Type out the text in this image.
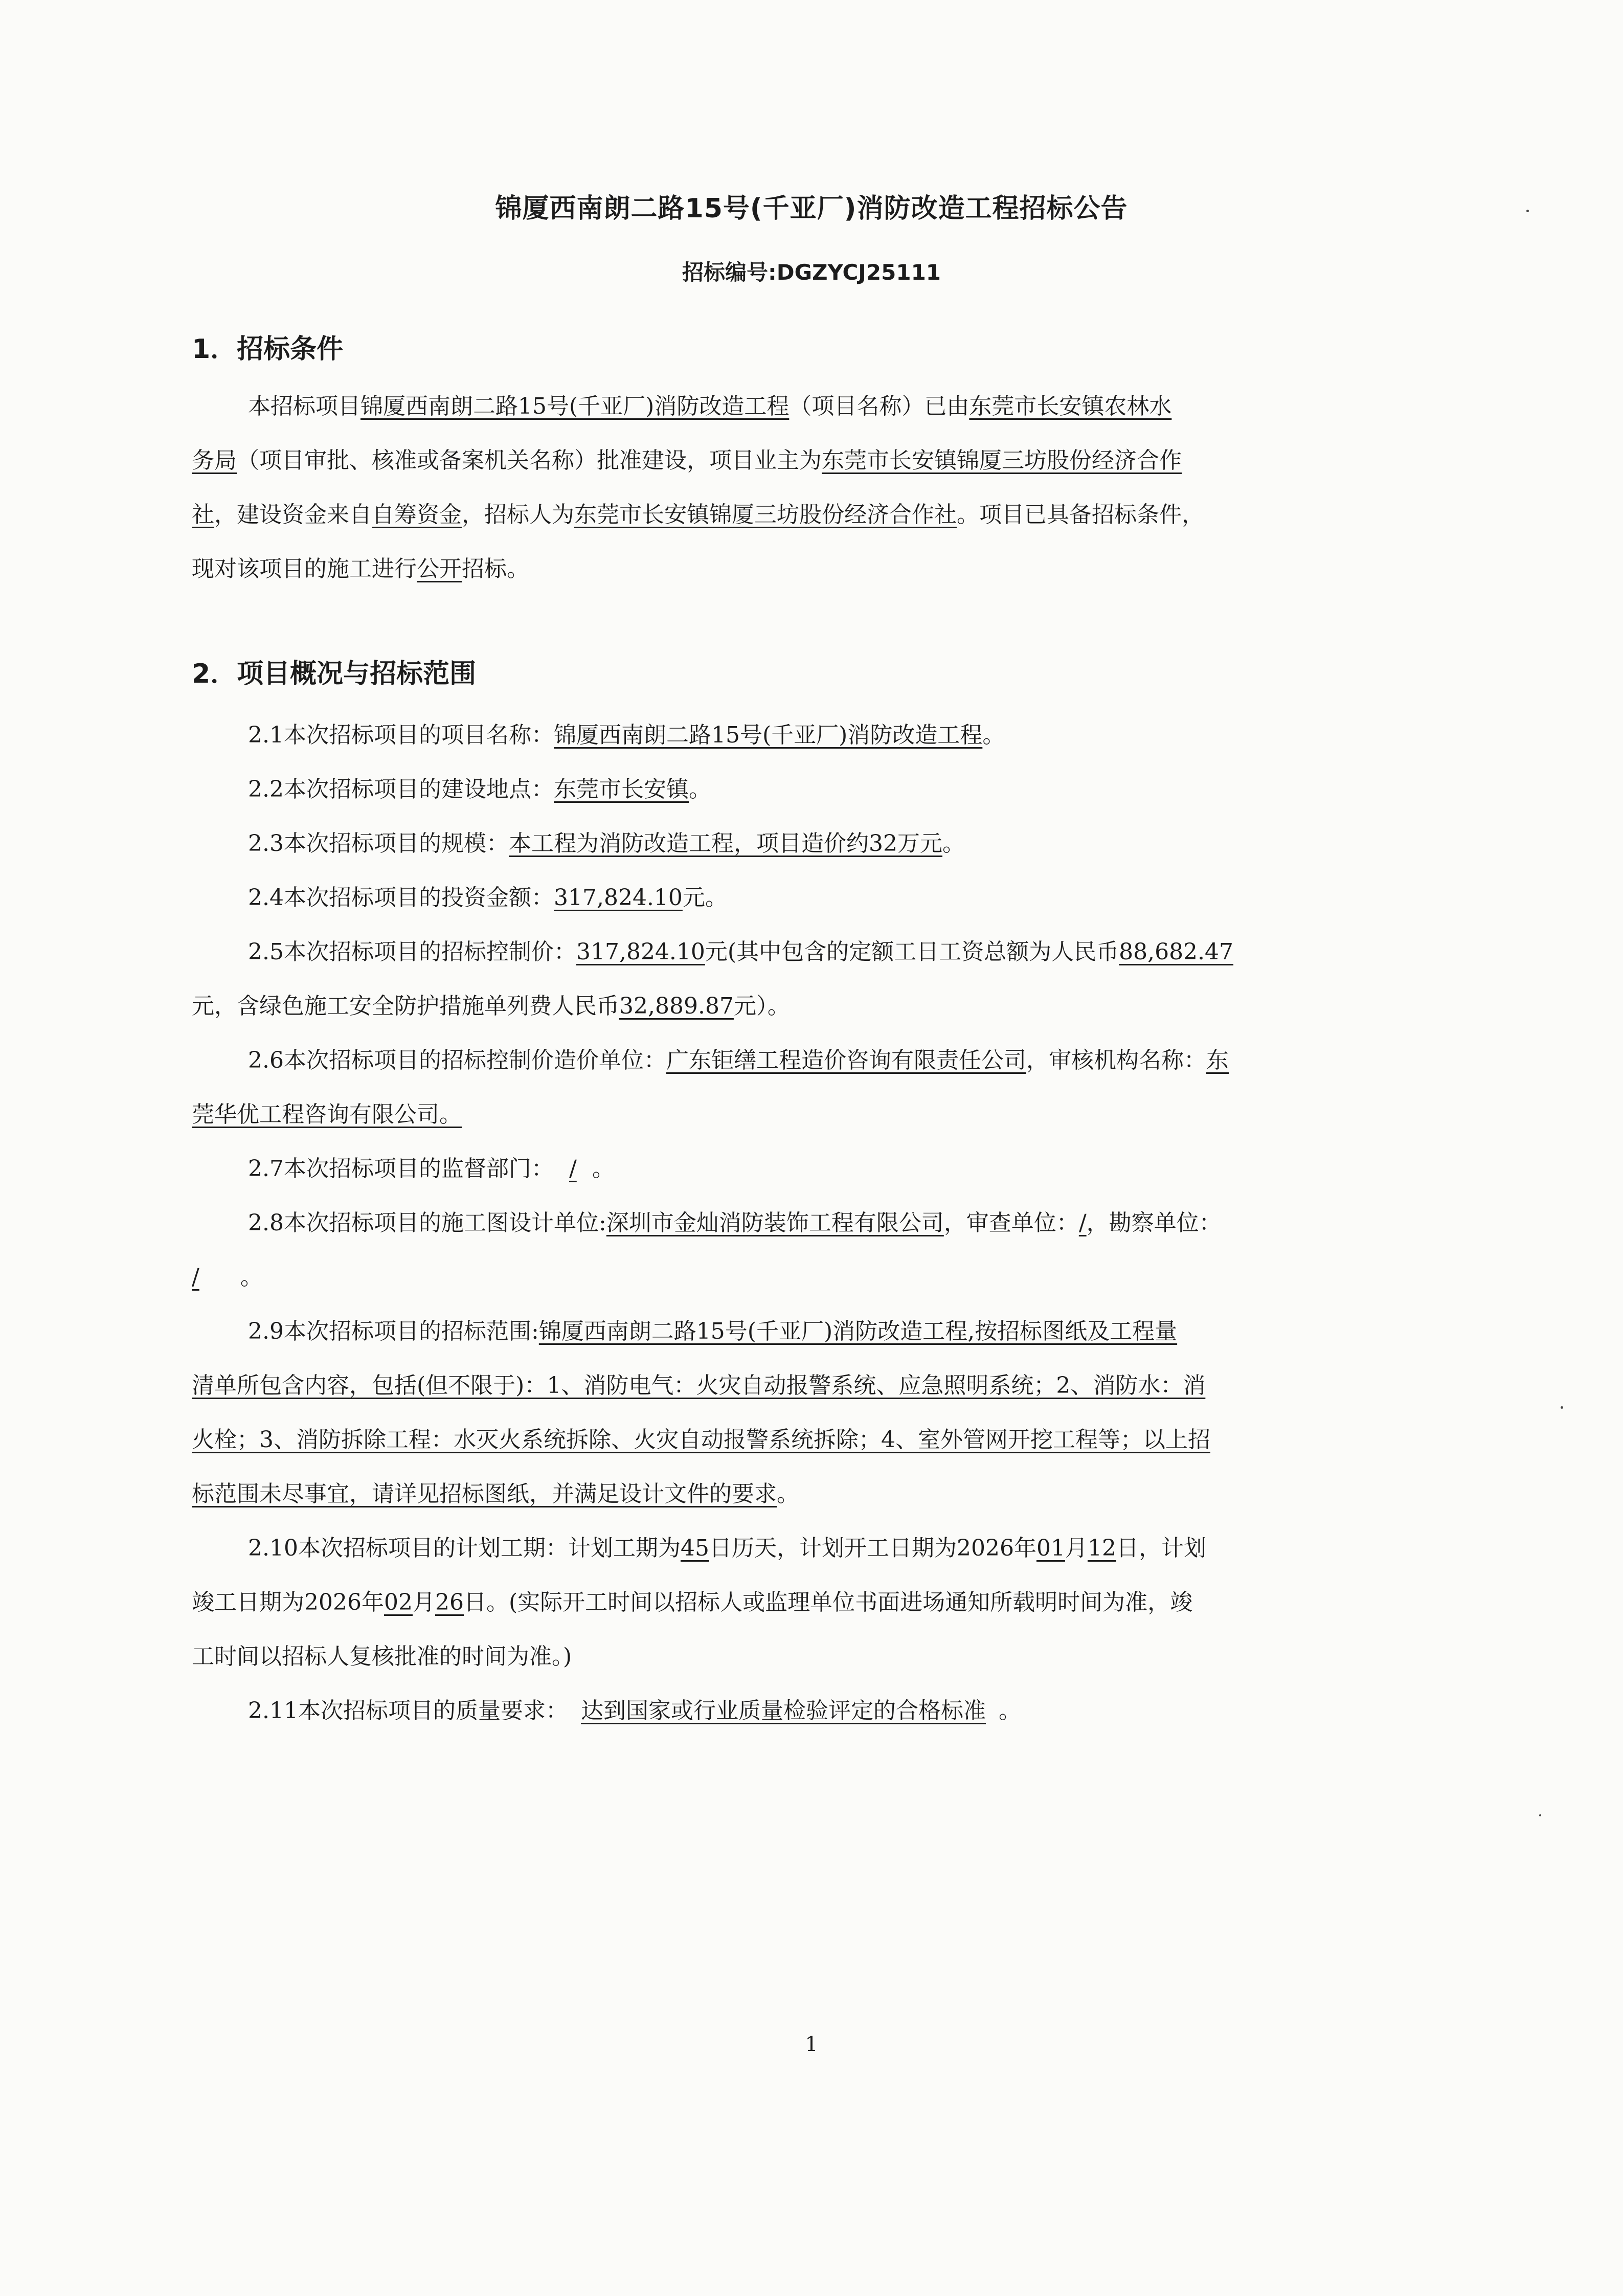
锦厦西南朗二路15号(千亚厂)消防改造工程招标公告
招标编号:DGZYCJ25111
1．招标条件
本招标项目锦厦西南朗二路15号(千亚厂)消防改造工程（项目名称）已由东莞市长安镇农林水
务局（项目审批、核准或备案机关名称）批准建设，项目业主为东莞市长安镇锦厦三坊股份经济合作
社，建设资金来自自筹资金，招标人为东莞市长安镇锦厦三坊股份经济合作社。项目已具备招标条件，
现对该项目的施工进行公开招标。
2．项目概况与招标范围
2.1本次招标项目的项目名称：锦厦西南朗二路15号(千亚厂)消防改造工程。
2.2本次招标项目的建设地点：东莞市长安镇。
2.3本次招标项目的规模：本工程为消防改造工程，项目造价约32万元。
2.4本次招标项目的投资金额：317,824.10元。
2.5本次招标项目的招标控制价：317,824.10元(其中包含的定额工日工资总额为人民币88,682.47
元，含绿色施工安全防护措施单列费人民币32,889.87元）。
2.6本次招标项目的招标控制价造价单位：广东钜缮工程造价咨询有限责任公司，审核机构名称：东
莞华优工程咨询有限公司。
2.7本次招标项目的监督部门： / 。
2.8本次招标项目的施工图设计单位:深圳市金灿消防装饰工程有限公司，审查单位：/，勘察单位：
/ 。
2.9本次招标项目的招标范围:锦厦西南朗二路15号(千亚厂)消防改造工程,按招标图纸及工程量
清单所包含内容，包括(但不限于)：1、消防电气：火灾自动报警系统、应急照明系统；2、消防水：消
火栓；3、消防拆除工程：水灭火系统拆除、火灾自动报警系统拆除；4、室外管网开挖工程等；以上招
标范围未尽事宜，请详见招标图纸，并满足设计文件的要求。
2.10本次招标项目的计划工期：计划工期为45日历天，计划开工日期为2026年01月12日，计划
竣工日期为2026年02月26日。(实际开工时间以招标人或监理单位书面进场通知所载明时间为准，竣
工时间以招标人复核批准的时间为准。)
2.11本次招标项目的质量要求： 达到国家或行业质量检验评定的合格标准 。
1
